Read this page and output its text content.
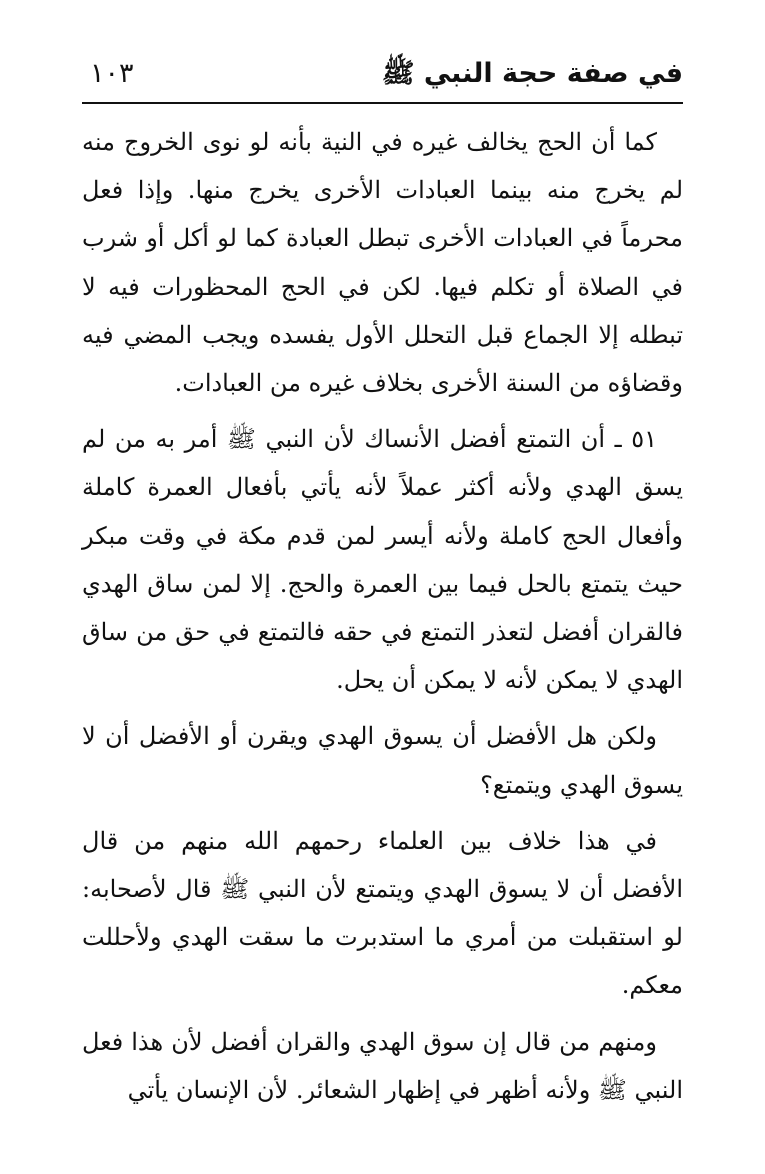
في صفة حجة النبي ﷺ
١٠٣

كما أن الحج يخالف غيره في النية بأنه لو نوى الخروج منه لم يخرج منه بينما العبادات الأخرى يخرج منها. وإذا فعل محرماً في العبادات الأخرى تبطل العبادة كما لو أكل أو شرب في الصلاة أو تكلم فيها. لكن في الحج المحظورات فيه لا تبطله إلا الجماع قبل التحلل الأول يفسده ويجب المضي فيه وقضاؤه من السنة الأخرى بخلاف غيره من العبادات.

٥١ ـ أن التمتع أفضل الأنساك لأن النبي ﷺ أمر به من لم يسق الهدي ولأنه أكثر عملاً لأنه يأتي بأفعال العمرة كاملة وأفعال الحج كاملة ولأنه أيسر لمن قدم مكة في وقت مبكر حيث يتمتع بالحل فيما بين العمرة والحج. إلا لمن ساق الهدي فالقران أفضل لتعذر التمتع في حقه فالتمتع في حق من ساق الهدي لا يمكن لأنه لا يمكن أن يحل.

ولكن هل الأفضل أن يسوق الهدي ويقرن أو الأفضل أن لا يسوق الهدي ويتمتع؟

في هذا خلاف بين العلماء رحمهم الله منهم من قال الأفضل أن لا يسوق الهدي ويتمتع لأن النبي ﷺ قال لأصحابه: لو استقبلت من أمري ما استدبرت ما سقت الهدي ولأحللت معكم.

ومنهم من قال إن سوق الهدي والقران أفضل لأن هذا فعل النبي ﷺ ولأنه أظهر في إظهار الشعائر. لأن الإنسان يأتي
